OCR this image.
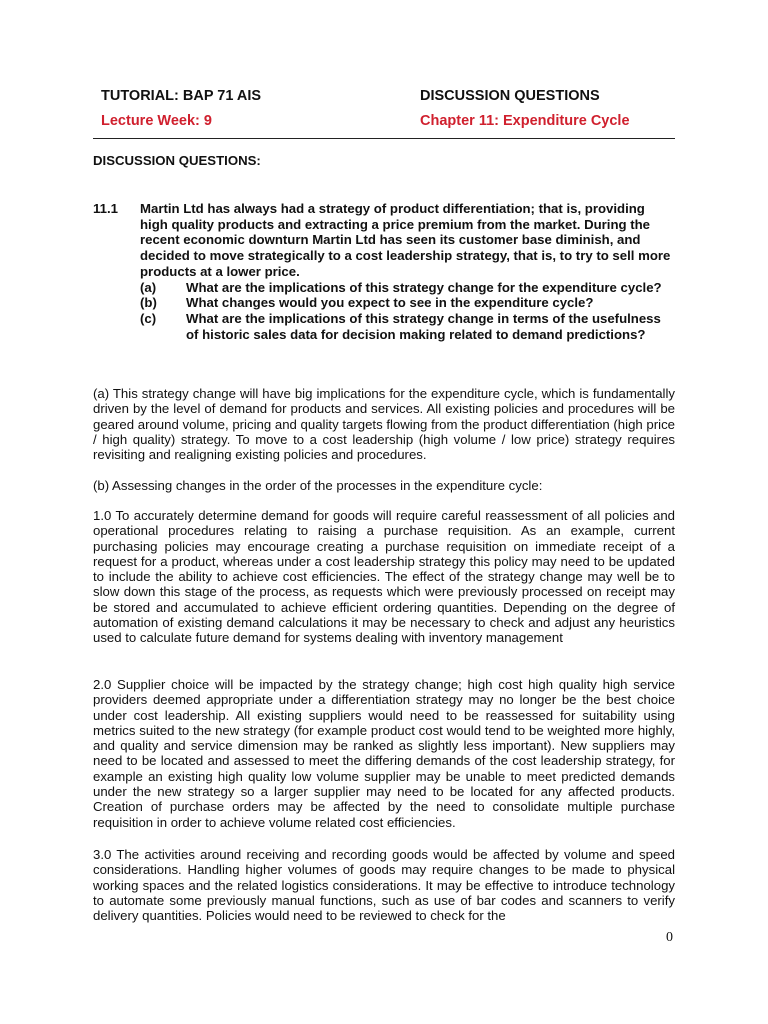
TUTORIAL: BAP 71 AIS
Lecture Week: 9
DISCUSSION QUESTIONS
Chapter 11: Expenditure Cycle
DISCUSSION QUESTIONS:
11.1 Martin Ltd has always had a strategy of product differentiation; that is, providing high quality products and extracting a price premium from the market. During the recent economic downturn Martin Ltd has seen its customer base diminish, and decided to move strategically to a cost leadership strategy, that is, to try to sell more products at a lower price.

(a) What are the implications of this strategy change for the expenditure cycle?
(b) What changes would you expect to see in the expenditure cycle?
(c) What are the implications of this strategy change in terms of the usefulness of historic sales data for decision making related to demand predictions?

(a) This strategy change will have big implications for the expenditure cycle, which is fundamentally driven by the level of demand for products and services. All existing policies and procedures will be geared around volume, pricing and quality targets flowing from the product differentiation (high price / high quality) strategy. To move to a cost leadership (high volume / low price) strategy requires revisiting and realigning existing policies and procedures.

(b) Assessing changes in the order of the processes in the expenditure cycle:

1.0 To accurately determine demand for goods will require careful reassessment of all policies and operational procedures relating to raising a purchase requisition. As an example, current purchasing policies may encourage creating a purchase requisition on immediate receipt of a request for a product, whereas under a cost leadership strategy this policy may need to be updated to include the ability to achieve cost efficiencies. The effect of the strategy change may well be to slow down this stage of the process, as requests which were previously processed on receipt may be stored and accumulated to achieve efficient ordering quantities. Depending on the degree of automation of existing demand calculations it may be necessary to check and adjust any heuristics used to calculate future demand for systems dealing with inventory management

2.0 Supplier choice will be impacted by the strategy change; high cost high quality high service providers deemed appropriate under a differentiation strategy may no longer be the best choice under cost leadership. All existing suppliers would need to be reassessed for suitability using metrics suited to the new strategy (for example product cost would tend to be weighted more highly, and quality and service dimension may be ranked as slightly less important). New suppliers may need to be located and assessed to meet the differing demands of the cost leadership strategy, for example an existing high quality low volume supplier may be unable to meet predicted demands under the new strategy so a larger supplier may need to be located for any affected products. Creation of purchase orders may be affected by the need to consolidate multiple purchase requisition in order to achieve volume related cost efficiencies.

3.0 The activities around receiving and recording goods would be affected by volume and speed considerations. Handling higher volumes of goods may require changes to be made to physical working spaces and the related logistics considerations. It may be effective to introduce technology to automate some previously manual functions, such as use of bar codes and scanners to verify delivery quantities. Policies would need to be reviewed to check for the

0
